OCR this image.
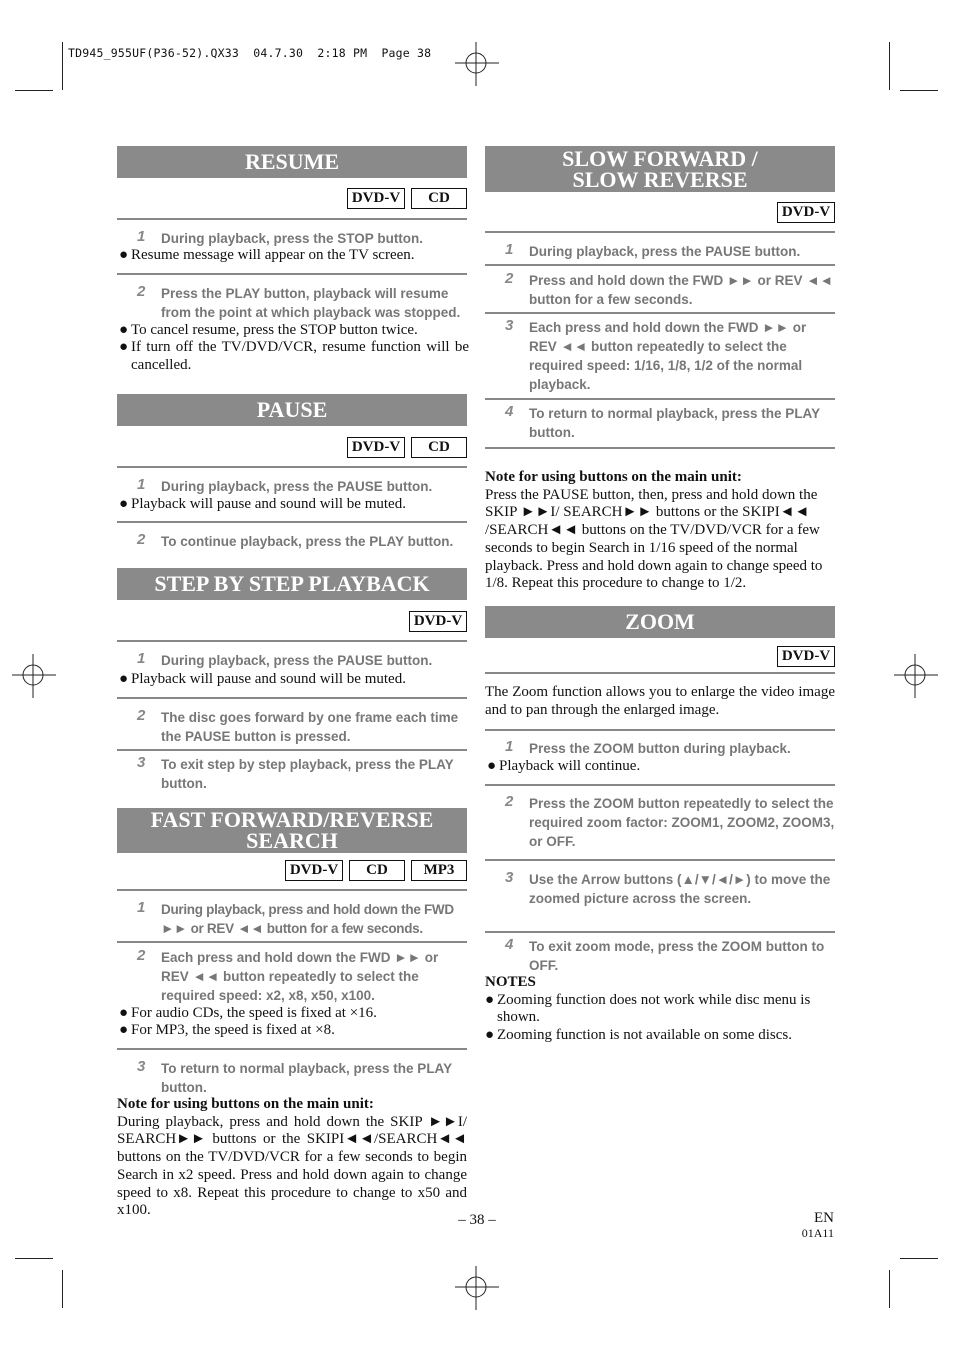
TD945_955UF(P36-52).QX33  04.7.30  2:18 PM  Page 38
RESUME
DVD-V	CD
1 During playback, press the STOP button.
● Resume message will appear on the TV screen.
2 Press the PLAY button, playback will resume from the point at which playback was stopped.
● To cancel resume, press the STOP button twice.
● If turn off the TV/DVD/VCR, resume function will be cancelled.
PAUSE
DVD-V	CD
1 During playback, press the PAUSE button.
● Playback will pause and sound will be muted.
2 To continue playback, press the PLAY button.
STEP BY STEP PLAYBACK
DVD-V
1 During playback, press the PAUSE button.
● Playback will pause and sound will be muted.
2 The disc goes forward by one frame each time the PAUSE button is pressed.
3 To exit step by step playback, press the PLAY button.
FAST FORWARD/REVERSE
SEARCH
DVD-V	CD	MP3
1 During playback, press and hold down the FWD ►► or REV ◄◄ button for a few seconds.
2 Each press and hold down the FWD ►► or REV ◄◄ button repeatedly to select the required speed: x2, x8, x50, x100.
● For audio CDs, the speed is fixed at ×16.
● For MP3, the speed is fixed at ×8.
3 To return to normal playback, press the PLAY button.
Note for using buttons on the main unit:
During playback, press and hold down the SKIP ►►I/ SEARCH►► buttons or the SKIPI◄◄/SEARCH◄◄ buttons on the TV/DVD/VCR for a few seconds to begin Search in x2 speed. Press and hold down again to change speed to x8. Repeat this procedure to change to x50 and x100.
SLOW FORWARD /
SLOW REVERSE
DVD-V
1 During playback, press the PAUSE button.
2 Press and hold down the FWD ►► or REV ◄◄ button for a few seconds.
3 Each press and hold down the FWD ►► or REV ◄◄ button repeatedly to select the required speed: 1/16, 1/8, 1/2 of the normal playback.
4 To return to normal playback, press the PLAY button.
Note for using buttons on the main unit:
Press the PAUSE button, then, press and hold down the SKIP ►►I/ SEARCH►► buttons or the SKIPI◄◄ /SEARCH◄◄ buttons on the TV/DVD/VCR for a few seconds to begin Search in 1/16 speed of the normal playback. Press and hold down again to change speed to 1/8. Repeat this procedure to change to 1/2.
ZOOM
DVD-V
The Zoom function allows you to enlarge the video image and to pan through the enlarged image.
1 Press the ZOOM button during playback.
● Playback will continue.
2 Press the ZOOM button repeatedly to select the required zoom factor: ZOOM1, ZOOM2, ZOOM3, or OFF.
3 Use the Arrow buttons (▲/▼/◄/►) to move the zoomed picture across the screen.
4 To exit zoom mode, press the ZOOM button to OFF.
NOTES
● Zooming function does not work while disc menu is shown.
● Zooming function is not available on some discs.
– 38 –	EN
01A11
